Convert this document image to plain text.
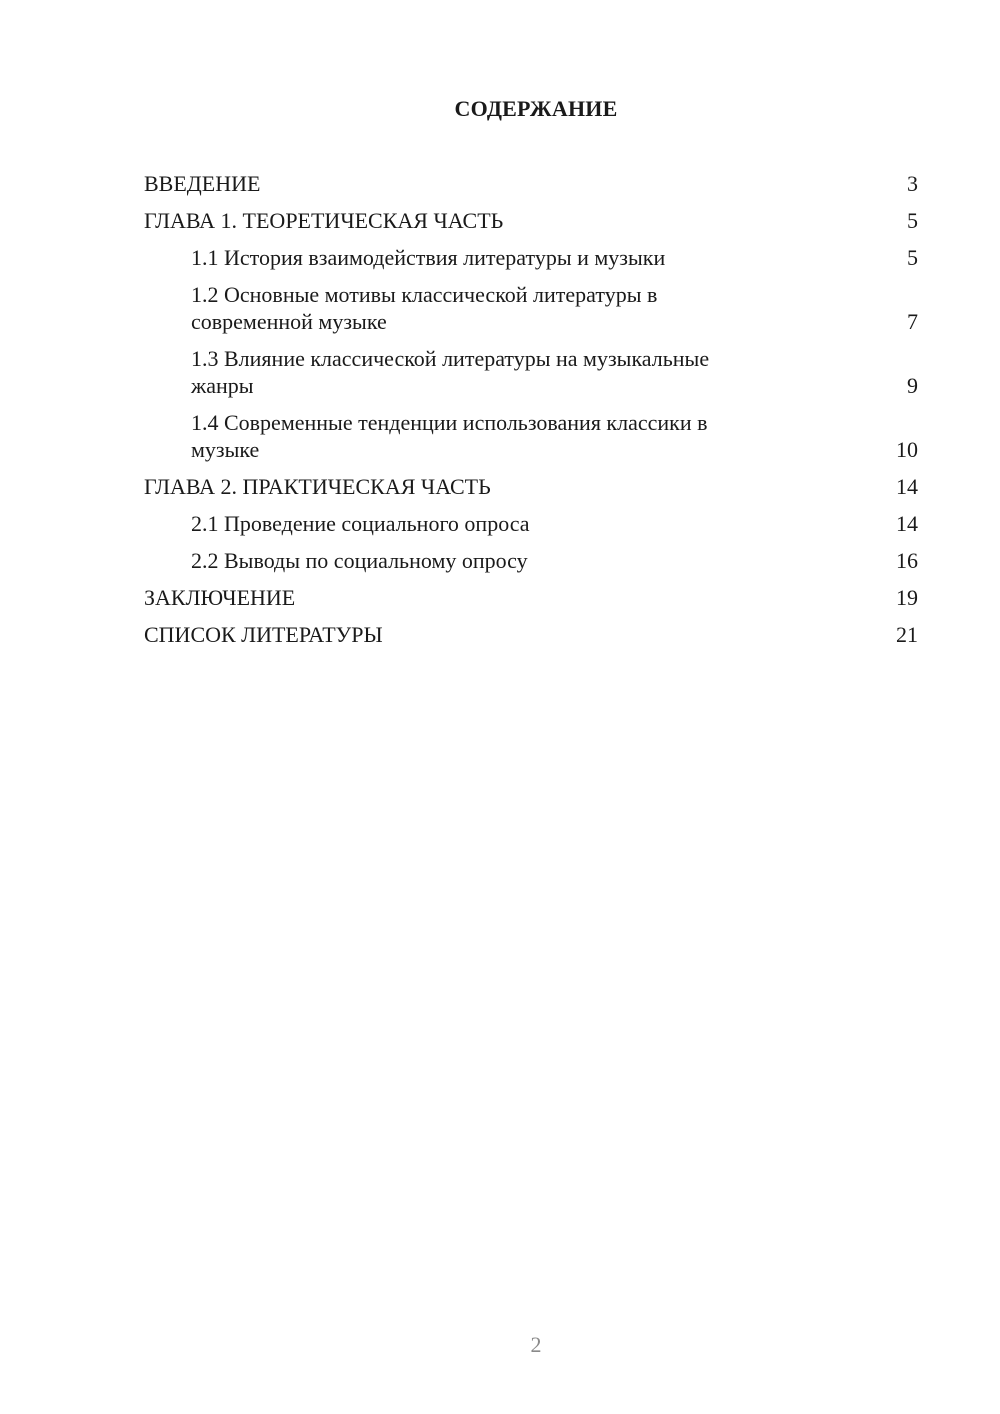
СОДЕРЖАНИЕ
ВВЕДЕНИЕ	3
ГЛАВА 1. ТЕОРЕТИЧЕСКАЯ ЧАСТЬ	5
1.1 История взаимодействия литературы и музыки	5
1.2 Основные мотивы классической литературы в
современной музыке	7
1.3 Влияние классической литературы на музыкальные
жанры	9
1.4 Современные тенденции использования классики в
музыке	10
ГЛАВА 2. ПРАКТИЧЕСКАЯ ЧАСТЬ	14
2.1 Проведение социального опроса	14
2.2 Выводы по социальному опросу	16
ЗАКЛЮЧЕНИЕ	19
СПИСОК ЛИТЕРАТУРЫ	21
2
